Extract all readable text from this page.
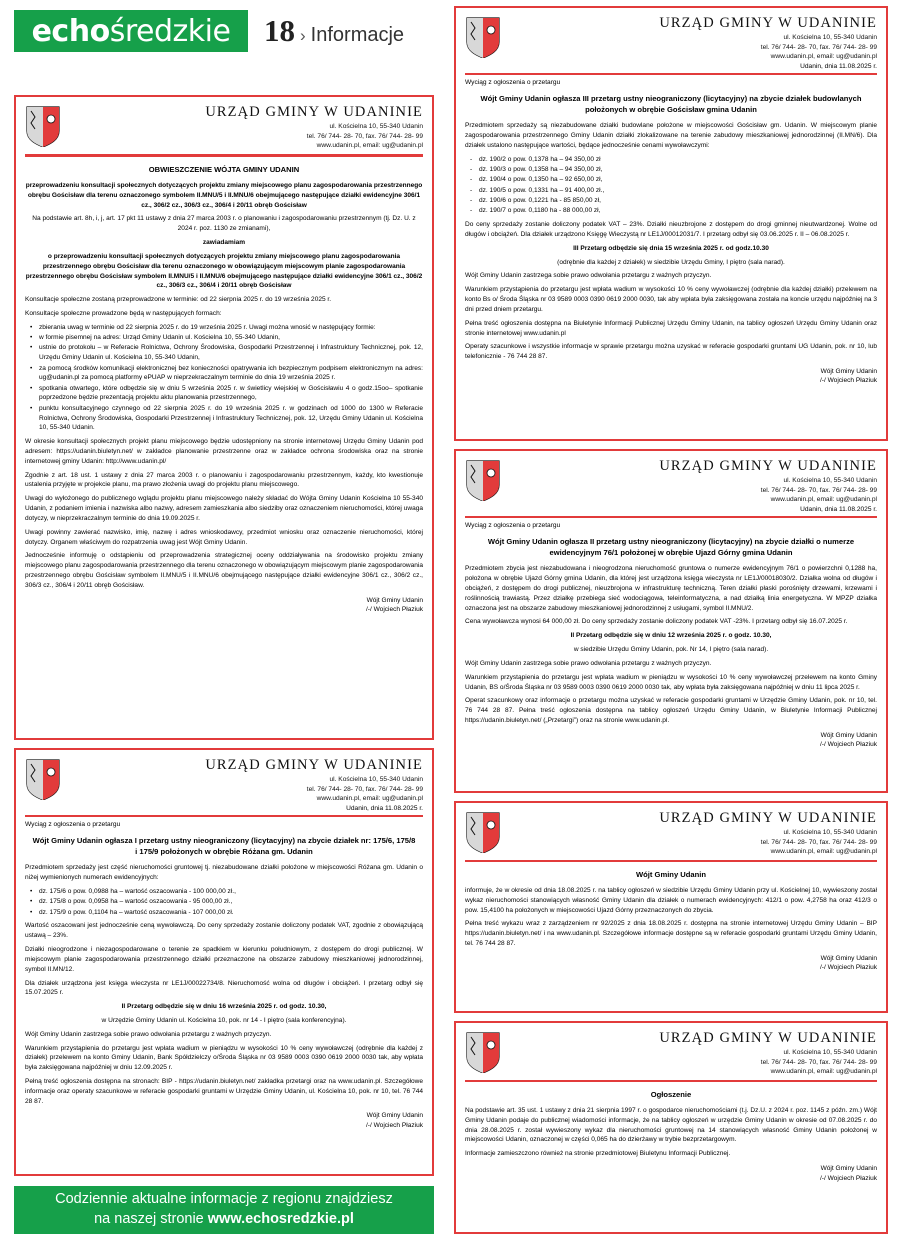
echośredzkie 18 › Informacje
URZĄD GMINY W UDANINIE
ul. Kościelna 10, 55-340 Udanin
tel. 76/ 744- 28- 70, fax. 76/ 744- 28- 99
www.udanin.pl, email: ug@udanin.pl
OBWIESZCZENIE WÓJTA GMINY UDANIN

przeprowadzeniu konsultacji społecznych dotyczących projektu zmiany miejscowego planu zagospodarowania przestrzennego obrębu Gościsław dla terenu oznaczonego symbolem II.MNU/5 i II.MNU/6 obejmującego następujące działki ewidencyjne 306/1 cz., 306/2 cz., 306/3 cz., 306/4 i 20/11 obręb Gościsław

Na podstawie art. 8h, i, j, art. 17 pkt 11 ustawy z dnia 27 marca 2003 r. o planowaniu i zagospodarowaniu przestrzennym (tj. Dz. U. z 2024 r. poz. 1130 ze zmianami),

zawiadamiam

o przeprowadzeniu konsultacji społecznych dotyczących projektu zmiany miejscowego planu zagospodarowania przestrzennego obrębu Gościsław dla terenu oznaczonego w obowiązującym miejscowym planie zagospodarowania przestrzennego obrębu Gościsław symbolem II.MNU/5 i II.MNU/6 obejmującego następujące działki ewidencyjne 306/1 cz., 306/2 cz., 306/3 cz., 306/4 i 20/11 obręb Gościsław

Konsultacje społeczne zostaną przeprowadzone w terminie: od 22 sierpnia 2025 r. do 19 września 2025 r.

Konsultacje społeczne prowadzone będą w następujących formach:

• zbierania uwag w terminie od 22 sierpnia 2025 r. do 19 września 2025 r. Uwagi można wnosić w następujący formie:
• w formie pisemnej na adres: Urząd Gminy Udanin ul. Kościelna 10, 55-340 Udanin,
• ustnie do protokołu – w Referacie Rolnictwa, Ochrony Środowiska, Gospodarki Przestrzennej i Infrastruktury Technicznej, pok. 12, Urzędu Gminy Udanin ul. Kościelna 10, 55-340 Udanin,
• za pomocą środków komunikacji elektronicznej bez konieczności opatrywania ich bezpiecznym podpisem elektronicznym na adres: ug@udanin.pl za pomocą platformy ePUAP w nieprzekraczalnym terminie do dnia 19 września 2025 r.
• spotkania otwartego, które odbędzie się w dniu 5 września 2025 r. w świetlicy wiejskiej w Gościsławiu 4 o godz.15oo– spotkanie poprzedzone będzie prezentacją projektu aktu planowania przestrzennego,
• punktu konsultacyjnego czynnego od 22 sierpnia 2025 r. do 19 września 2025 r. w godzinach od 1000 do 1300 w Referacie Rolnictwa, Ochrony Środowiska, Gospodarki Przestrzennej i Infrastruktury Technicznej, pok. 12, Urzędu Gminy Udanin ul. Kościelna 10, 55-340 Udanin.

W okresie konsultacji społecznych projekt planu miejscowego będzie udostępniony na stronie internetowej Urzędu Gminy Udanin pod adresem: https://udanin.biuletyn.net/ w zakładce planowanie przestrzenne oraz w zakładce ochrona środowiska oraz na stronie internetowej gminy Udanin: http://www.udanin.pl/

Zgodnie z art. 18 ust. 1 ustawy z dnia 27 marca 2003 r. o planowaniu i zagospodarowaniu przestrzennym, każdy, kto kwestionuje ustalenia przyjęte w projekcie planu, ma prawo złożenia uwagi do projektu planu miejscowego.

Uwagi do wyłożonego do publicznego wglądu projektu planu miejscowego należy składać do Wójta Gminy Udanin Kościelna 10 55-340 Udanin, z podaniem imienia i nazwiska albo nazwy, adresem zamieszkania albo siedziby oraz oznaczeniem nieruchomości, której uwaga dotyczy, w nieprzekraczalnym terminie do dnia 19.09.2025 r.

Uwagi powinny zawierać nazwisko, imię, nazwę i adres wnioskodawcy, przedmiot wniosku oraz oznaczenie nieruchomości, której dotyczy. Organem właściwym do rozpatrzenia uwag jest Wójt Gminy Udanin.

Jednocześnie informuję o odstąpieniu od przeprowadzenia strategicznej oceny oddziaływania na środowisko projektu zmiany miejscowego planu zagospodarowania przestrzennego dla terenu oznaczonego w obowiązującym miejscowym planie zagospodarowania przestrzennego obrębu Gościsław symbolem II.MNU/5 i II.MNU/6 obejmującego następujące działki ewidencyjne 306/1 cz., 306/2 cz., 306/3 cz., 306/4 i 20/11 obręb Gościsław.

Wójt Gminy Udanin
/-/ Wojciech Płaziuk
URZĄD GMINY W UDANINIE
ul. Kościelna 10, 55-340 Udanin
tel. 76/ 744- 28- 70, fax. 76/ 744- 28- 99
www.udanin.pl, email: ug@udanin.pl
Udanin, dnia 11.08.2025 r.
Wyciąg z ogłoszenia o przetargu
Wójt Gminy Udanin ogłasza I przetarg ustny nieograniczony (licytacyjny) na zbycie działek nr: 175/6, 175/8 i 175/9 położonych w obrębie Różana gm. Udanin

Przedmiotem sprzedaży jest część nieruchomości gruntowej tj. niezabudowane działki położone w miejscowości Różana gm. Udanin o niżej wymienionych numerach ewidencyjnych:

• dz. 175/6 o pow. 0,0988 ha – wartość oszacowania - 100 000,00 zł.,
• dz. 175/8 o pow. 0,0958 ha – wartość oszacowania - 95 000,00 zł.,
• dz. 175/9 o pow. 0,1104 ha – wartość oszacowania - 107 000,00 zł.

Wartość oszacowani jest jednocześnie ceną wywoławczą. Do ceny sprzedaży zostanie doliczony podatek VAT, zgodnie z obowiązującą ustawą – 23%.

Działki nieogrodzone i niezagospodarowane o terenie ze spadkiem w kierunku południowym, z dostępem do drogi publicznej. W miejscowym planie zagospodarowania przestrzennego działki przeznaczone na obszarze zabudowy mieszkaniowej jednorodzinnej, symbol II.MN/12.

Dla działek urządzona jest księga wieczysta nr LE1J/00022734/8. Nieruchomość wolna od długów i obciążeń. I przetarg odbył się 15.07.2025 r.

II Przetarg odbędzie się w dniu 16 września 2025 r. od godz. 10.30,

w Urzędzie Gminy Udanin ul. Kościelna 10, pok. nr 14 - I piętro (sala konferencyjna).

Wójt Gminy Udanin zastrzega sobie prawo odwołania przetargu z ważnych przyczyn.

Warunkiem przystąpienia do przetargu jest wpłata wadium w pieniądzu w wysokości 10 % ceny wywoławczej (odrębnie dla każdej z działek) przelewem na konto Gminy Udanin, Bank Spółdzielczy o/Środa Śląska nr 03 9589 0003 0390 0619 2000 0030 tak, aby wpłata była zaksięgowana najpóźniej w dniu 12.09.2025 r.

Pełną treść ogłoszenia dostępna na stronach: BIP - https://udanin.biuletyn.net/ zakładka przetargi oraz na www.udanin.pl. Szczegółowe informacje oraz operaty szacunkowe w referacie gospodarki gruntami w Urzędzie Gminy Udanin, ul. Kościelna 10, pok. nr 10, tel. 76 744 28 87.

Wójt Gminy Udanin
/-/ Wojciech Płaziuk
Codziennie aktualne informacje z regionu znajdziesz
na naszej stronie www.echosredzkie.pl
URZĄD GMINY W UDANINIE
ul. Kościelna 10, 55-340 Udanin
tel. 76/ 744- 28- 70, fax. 76/ 744- 28- 99
www.udanin.pl, email: ug@udanin.pl
Udanin, dnia 11.08.2025 r.
Wyciąg z ogłoszenia o przetargu
Wójt Gminy Udanin ogłasza III przetarg ustny nieograniczony (licytacyjny) na zbycie działek budowlanych położonych w obrębie Gościsław gmina Udanin

Przedmiotem sprzedaży są niezabudowane działki budowlane położone w miejscowości Gościsław gm. Udanin. W miejscowym planie zagospodarowania przestrzennego Gminy Udanin działki zlokalizowane na terenie zabudowy mieszkaniowej jednorodzinnej (II.MN/6). Dla działek ustalono następujące wartości, będące jednocześnie cenami wywoławczymi:

- dz. 190/2 o pow. 0,1378 ha – 94 350,00 zł
- dz. 190/3 o pow. 0,1358 ha – 94 350,00 zł,
- dz. 190/4 o pow. 0,1350 ha – 92 650,00 zł,
- dz. 190/5 o pow. 0,1331 ha – 91 400,00 zł.,
- dz. 190/6 o pow. 0,1221 ha - 85 850,00 zł,
- dz. 190/7 o pow. 0,1180 ha - 88 000,00 zł,

Do ceny sprzedaży zostanie doliczony podatek VAT – 23%. Działki nieuzbrojone z dostępem do drogi gminnej nieutwardzonej. Wolne od długów i obciążeń. Dla działek urządzono Księgę Wieczystą nr LE1J/00012031/7. I przetarg odbył się 03.06.2025 r. II – 06.08.2025 r.

III Przetarg odbędzie się dnia 15 września 2025 r. od godz.10.30

(odrębnie dla każdej z działek) w siedzibie Urzędu Gminy, I piętro (sala narad).

Wójt Gminy Udanin zastrzega sobie prawo odwołania przetargu z ważnych przyczyn.

Warunkiem przystąpienia do przetargu jest wpłata wadium w wysokości 10 % ceny wywoławczej (odrębnie dla każdej działki) przelewem na konto Bs o/ Środa Śląska nr 03 9589 0003 0390 0619 2000 0030, tak aby wpłata była zaksięgowana została na koncie urzędu najpóźniej na 3 dni przed dniem przetargu.

Pełna treść ogłoszenia dostępna na Biuletynie Informacji Publicznej Urzędu Gminy Udanin, na tablicy ogłoszeń Urzędu Gminy Udanin oraz stronie internetowej www.udanin.pl

Operaty szacunkowe i wszystkie informacje w sprawie przetargu można uzyskać w referacie gospodarki gruntami UG Udanin, pok. nr 10, lub telefonicznie - 76 744 28 87.

Wójt Gminy Udanin
/-/ Wojciech Płaziuk
URZĄD GMINY W UDANINIE
ul. Kościelna 10, 55-340 Udanin
tel. 76/ 744- 28- 70, fax. 76/ 744- 28- 99
www.udanin.pl, email: ug@udanin.pl
Udanin, dnia 11.08.2025 r.
Wyciąg z ogłoszenia o przetargu
Wójt Gminy Udanin ogłasza II przetarg ustny nieograniczony (licytacyjny) na zbycie działki o numerze ewidencyjnym 76/1 położonej w obrębie Ujazd Górny gmina Udanin

Przedmiotem zbycia jest niezabudowana i nieogrodzona nieruchomość gruntowa o numerze ewidencyjnym 76/1 o powierzchni 0,1288 ha, położona w obrębie Ujazd Górny gmina Udanin, dla której jest urządzona księga wieczysta nr LE1J/00018030/2. Działka wolna od długów i obciążeń, z dostępem do drogi publicznej, nieuzbrojona w infrastrukturę techniczną. Teren działki płaski porośnięty drzewami, krzewami i roślinnością trawiastą. Przez działkę przebiega sieć wodociągowa, teleinformatyczna, a nad działką linia energetyczna. W MPZP działka oznaczona jest na obszarze zabudowy mieszkaniowej jednorodzinnej z usługami, symbol II.MNU/2.

Cena wywoławcza wynosi 64 000,00 zł. Do ceny sprzedaży zostanie doliczony podatek VAT -23%. I przetarg odbył się 16.07.2025 r.

II Przetarg odbędzie się w dniu 12 września 2025 r. o godz. 10.30,

w siedzibie Urzędu Gminy Udanin, pok. Nr 14, I piętro (sala narad).

Wójt Gminy Udanin zastrzega sobie prawo odwołania przetargu z ważnych przyczyn.

Warunkiem przystąpienia do przetargu jest wpłata wadium w pieniądzu w wysokości 10 % ceny wywoławczej przelewem na konto Gminy Udanin, BS o/Środa Śląska nr 03 9589 0003 0390 0619 2000 0030 tak, aby wpłata była zaksięgowana najpóźniej w dniu 11 lipca 2025 r.

Operat szacunkowy oraz informacje o przetargu można uzyskać w referacie gospodarki gruntami w Urzędzie Gminy Udanin, pok. nr 10, tel. 76 744 28 87. Pełna treść ogłoszenia dostępna na tablicy ogłoszeń Urzędu Gminy Udanin, w Biuletynie Informacji Publicznej https://udanin.biuletyn.net/ („Przetargi”) oraz na stronie www.udanin.pl.

Wójt Gminy Udanin
/-/ Wojciech Płaziuk
URZĄD GMINY W UDANINIE
ul. Kościelna 10, 55-340 Udanin
tel. 76/ 744- 28- 70, fax. 76/ 744- 28- 99
www.udanin.pl, email: ug@udanin.pl
Wójt Gminy Udanin

informuje, że w okresie od dnia 18.08.2025 r. na tablicy ogłoszeń w siedzibie Urzędu Gminy Udanin przy ul. Kościelnej 10, wywieszony został wykaz nieruchomości stanowiących własność Gminy Udanin dla działek o numerach ewidencyjnych: 412/1 o pow. 4,2758 ha oraz 412/3 o pow. 15,4100 ha położonych w miejscowości Ujazd Górny przeznaczonych do zbycia.

Pełna treść wykazu wraz z zarządzeniem nr 92/2025 z dnia 18.08.2025 r. dostępna na stronie internetowej Urzędu Gminy Udanin – BIP https://udanin.biuletyn.net/ i na www.udanin.pl. Szczegółowe informacje dostępne są w referacie gospodarki gruntami Urzędu Gminy Udanin, tel. 76 744 28 87.

Wójt Gminy Udanin
/-/ Wojciech Płaziuk
URZĄD GMINY W UDANINIE
ul. Kościelna 10, 55-340 Udanin
tel. 76/ 744- 28- 70, fax. 76/ 744- 28- 99
www.udanin.pl, email: ug@udanin.pl
Ogłoszenie

Na podstawie art. 35 ust. 1 ustawy z dnia 21 sierpnia 1997 r. o gospodarce nieruchomościami (t.j. Dz.U. z 2024 r. poz. 1145 z późn. zm.) Wójt Gminy Udanin podaje do publicznej wiadomości informacje, że na tablicy ogłoszeń w urzędzie Gminy Udanin w okresie od 07.08.2025 r. do dnia 28.08.2025 r. został wywieszony wykaz dla nieruchomości gruntowej na 14 stanowiących własność Gminy Udanin położonej w miejscowości Udanin, oznaczonej w części 0,065 ha do dzierżawy w trybie bezprzetargowym.

Informacje zamieszczono również na stronie przedmiotowej Biuletynu Informacji Publicznej.

Wójt Gminy Udanin
/-/ Wojciech Płaziuk
